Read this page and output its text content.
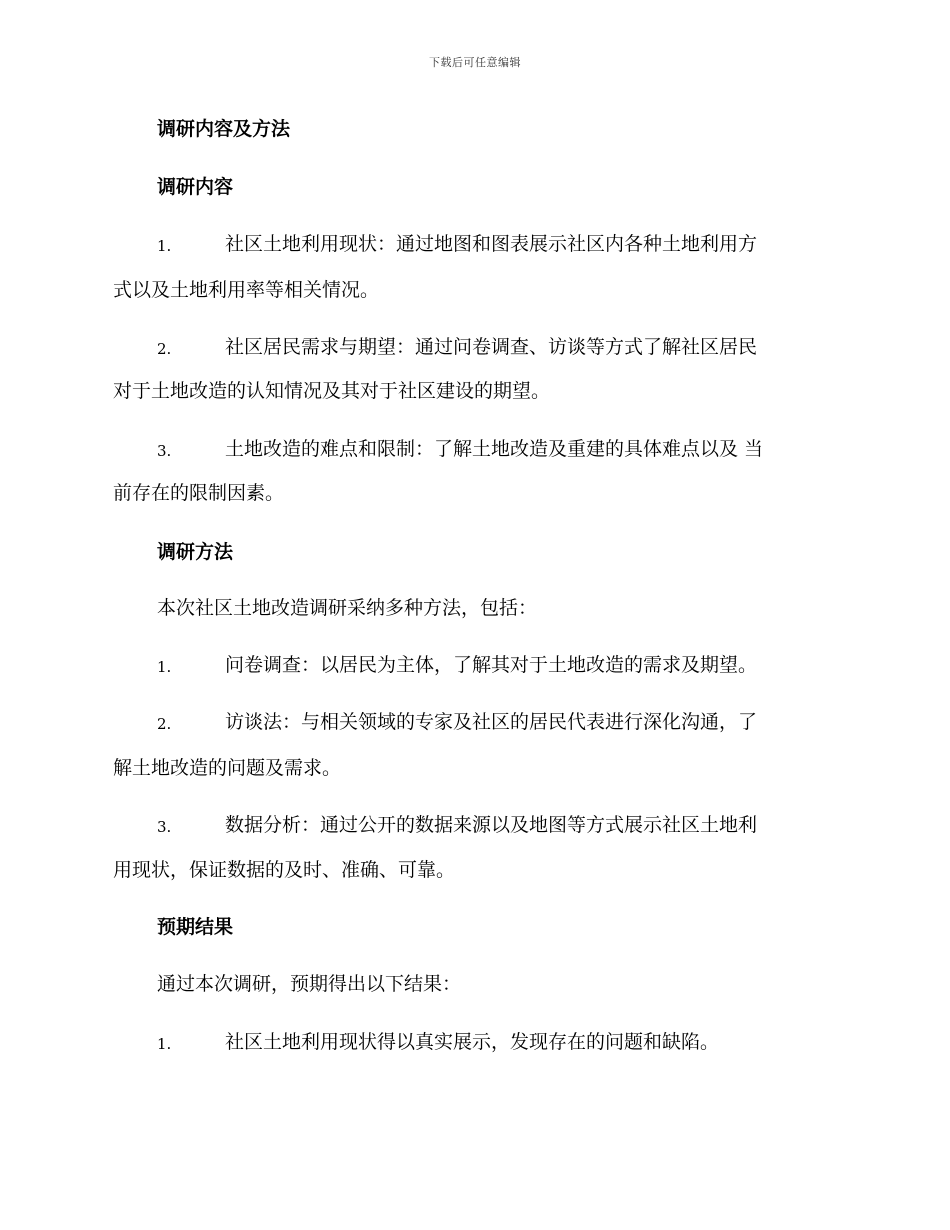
下载后可任意编辑
调研内容及方法
调研内容
1.	社区土地利用现状：通过地图和图表展示社区内各种土地利用方
式以及土地利用率等相关情况。
2.	社区居民需求与期望：通过问卷调查、访谈等方式了解社区居民
对于土地改造的认知情况及其对于社区建设的期望。
3.	土地改造的难点和限制：了解土地改造及重建的具体难点以及 当
前存在的限制因素。
调研方法
本次社区土地改造调研采纳多种方法，包括：
1.	问卷调查：以居民为主体，了解其对于土地改造的需求及期望。
2.	访谈法：与相关领域的专家及社区的居民代表进行深化沟通，了
解土地改造的问题及需求。
3.	数据分析：通过公开的数据来源以及地图等方式展示社区土地利
用现状，保证数据的及时、准确、可靠。
预期结果
通过本次调研，预期得出以下结果：
1.	社区土地利用现状得以真实展示，发现存在的问题和缺陷。
